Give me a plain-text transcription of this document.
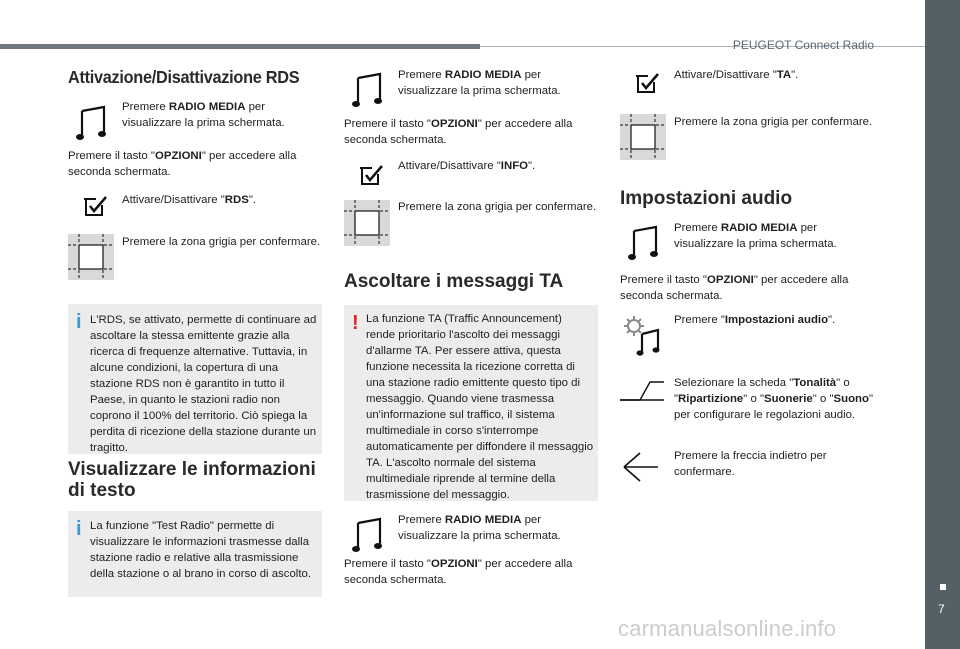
PEUGEOT Connect Radio
7
carmanualsonline.info
Attivazione/Disattivazione RDS
Premere RADIO MEDIA per visualizzare la prima schermata.
Premere il tasto "OPZIONI" per accedere alla seconda schermata.
Attivare/Disattivare "RDS".
Premere la zona grigia per confermare.
i L'RDS, se attivato, permette di continuare ad ascoltare la stessa emittente grazie alla ricerca di frequenze alternative. Tuttavia, in alcune condizioni, la copertura di una stazione RDS non è garantito in tutto il Paese, in quanto le stazioni radio non coprono il 100% del territorio. Ciò spiega la perdita di ricezione della stazione durante un tragitto.
Visualizzare le informazioni di testo
i La funzione "Test Radio" permette di visualizzare le informazioni trasmesse dalla stazione radio e relative alla trasmissione della stazione o al brano in corso di ascolto.
Premere RADIO MEDIA per visualizzare la prima schermata.
Premere il tasto "OPZIONI" per accedere alla seconda schermata.
Attivare/Disattivare "INFO".
Premere la zona grigia per confermare.
Ascoltare i messaggi TA
! La funzione TA (Traffic Announcement) rende prioritario l'ascolto dei messaggi d'allarme TA. Per essere attiva, questa funzione necessita la ricezione corretta di una stazione radio emittente questo tipo di messaggio. Quando viene trasmessa un'informazione sul traffico, il sistema multimediale in corso s'interrompe automaticamente per diffondere il messaggio TA. L'ascolto normale del sistema multimediale riprende al termine della trasmissione del messaggio.
Premere RADIO MEDIA per visualizzare la prima schermata.
Premere il tasto "OPZIONI" per accedere alla seconda schermata.
Attivare/Disattivare "TA".
Premere la zona grigia per confermare.
Impostazioni audio
Premere RADIO MEDIA per visualizzare la prima schermata.
Premere il tasto "OPZIONI" per accedere alla seconda schermata.
Premere "Impostazioni audio".
Selezionare la scheda "Tonalità" o "Ripartizione" o "Suonerie" o "Suono" per configurare le regolazioni audio.
Premere la freccia indietro per confermare.
